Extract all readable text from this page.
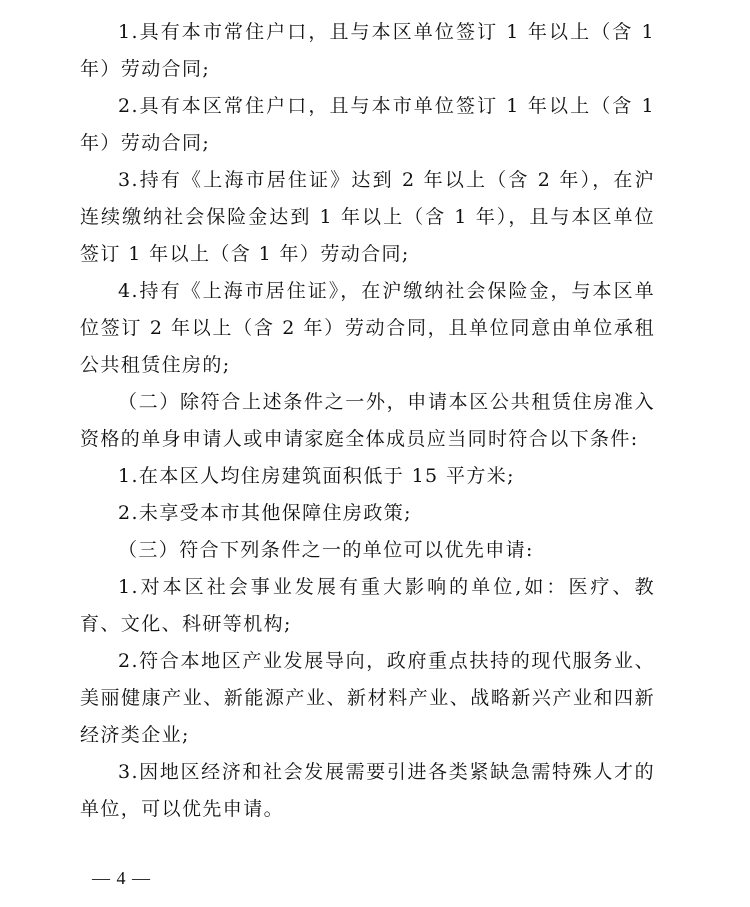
1.具有本市常住户口，且与本区单位签订 1 年以上（含 1 年）劳动合同;

2.具有本区常住户口，且与本市单位签订 1 年以上（含 1 年）劳动合同;

3.持有《上海市居住证》达到 2 年以上（含 2 年），在沪连续缴纳社会保险金达到 1 年以上（含 1 年），且与本区单位签订 1 年以上（含 1 年）劳动合同;

4.持有《上海市居住证》，在沪缴纳社会保险金，与本区单位签订 2 年以上（含 2 年）劳动合同，且单位同意由单位承租公共租赁住房的;

（二）除符合上述条件之一外，申请本区公共租赁住房准入资格的单身申请人或申请家庭全体成员应当同时符合以下条件:

1.在本区人均住房建筑面积低于 15 平方米;

2.未享受本市其他保障住房政策;

（三）符合下列条件之一的单位可以优先申请:

1.对本区社会事业发展有重大影响的单位,如：医疗、教育、文化、科研等机构;

2.符合本地区产业发展导向，政府重点扶持的现代服务业、美丽健康产业、新能源产业、新材料产业、战略新兴产业和四新经济类企业;

3.因地区经济和社会发展需要引进各类紧缺急需特殊人才的单位，可以优先申请。

— 4 —
